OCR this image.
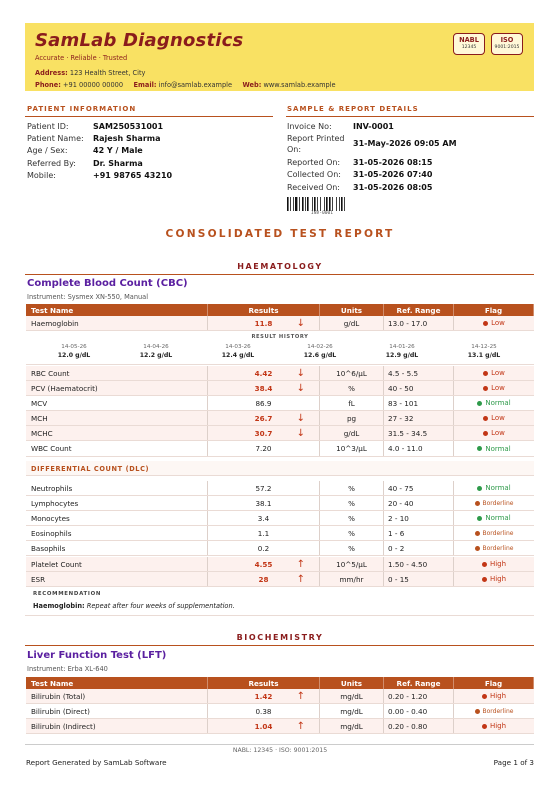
SamLab Diagnostics
Accurate · Reliable · Trusted
Address: 123 Health Street, City
Phone: +91 00000 00000 Email: info@samlab.example Web: www.samlab.example
NABL
12345
ISO
9001:2015
PATIENT INFORMATION
Patient ID:	SAM250531001
Patient Name:	Rajesh Sharma
Age / Sex:	42 Y / Male
Referred By:	Dr. Sharma
Mobile:	+91 98765 43210
SAMPLE & REPORT DETAILS
Invoice No:	INV-0001
Report Printed On:
31-May-2026 09:05 AM
Reported On:	31-05-2026 08:15
Collected On:	31-05-2026 07:40
Received On:	31-05-2026 08:05
INV-0001
CONSOLIDATED TEST REPORT
HAEMATOLOGY
Complete Blood Count (CBC)
Instrument: Sysmex XN-550, Manual
Test Name	Results	Units	Ref. Range	Flag
Haemoglobin	11.8 ↓	g/dL	13.0 - 17.0	Low
RESULT HISTORY
14-05-26
12.0 g/dL
14-04-26
12.2 g/dL
14-03-26
12.4 g/dL
14-02-26
12.6 g/dL
14-01-26
12.9 g/dL
14-12-25
13.1 g/dL
RBC Count	4.42 ↓	10^6/µL	4.5 - 5.5	Low
PCV (Haematocrit)	38.4 ↓	%	40 - 50	Low
MCV	86.9	fL	83 - 101	Normal
MCH	26.7 ↓	pg	27 - 32	Low
MCHC	30.7 ↓	g/dL	31.5 - 34.5	Low
WBC Count	7.20	10^3/µL	4.0 - 11.0	Normal
DIFFERENTIAL COUNT (DLC)
Neutrophils	57.2	%	40 - 75	Normal
Lymphocytes	38.1	%	20 - 40	Borderline
Monocytes	3.4	%	2 - 10	Normal
Eosinophils	1.1	%	1 - 6	Borderline
Basophils	0.2	%	0 - 2	Borderline
Platelet Count	4.55 ↑	10^5/µL	1.50 - 4.50	High
ESR	28	↑	mm/hr	0 - 15	High
RECOMMENDATION
Haemoglobin: Repeat after four weeks of supplementation.
BIOCHEMISTRY
Liver Function Test (LFT)
Instrument: Erba XL-640
Test Name	Results	Units	Ref. Range	Flag
Bilirubin (Total)	1.42 ↑	mg/dL	0.20 - 1.20	High
Bilirubin (Direct)	0.38	mg/dL	0.00 - 0.40	Borderline
Bilirubin (Indirect)	1.04 ↑	mg/dL	0.20 - 0.80	High
NABL: 12345 · ISO: 9001:2015
Report Generated by SamLab Software	Page 1 of 3
